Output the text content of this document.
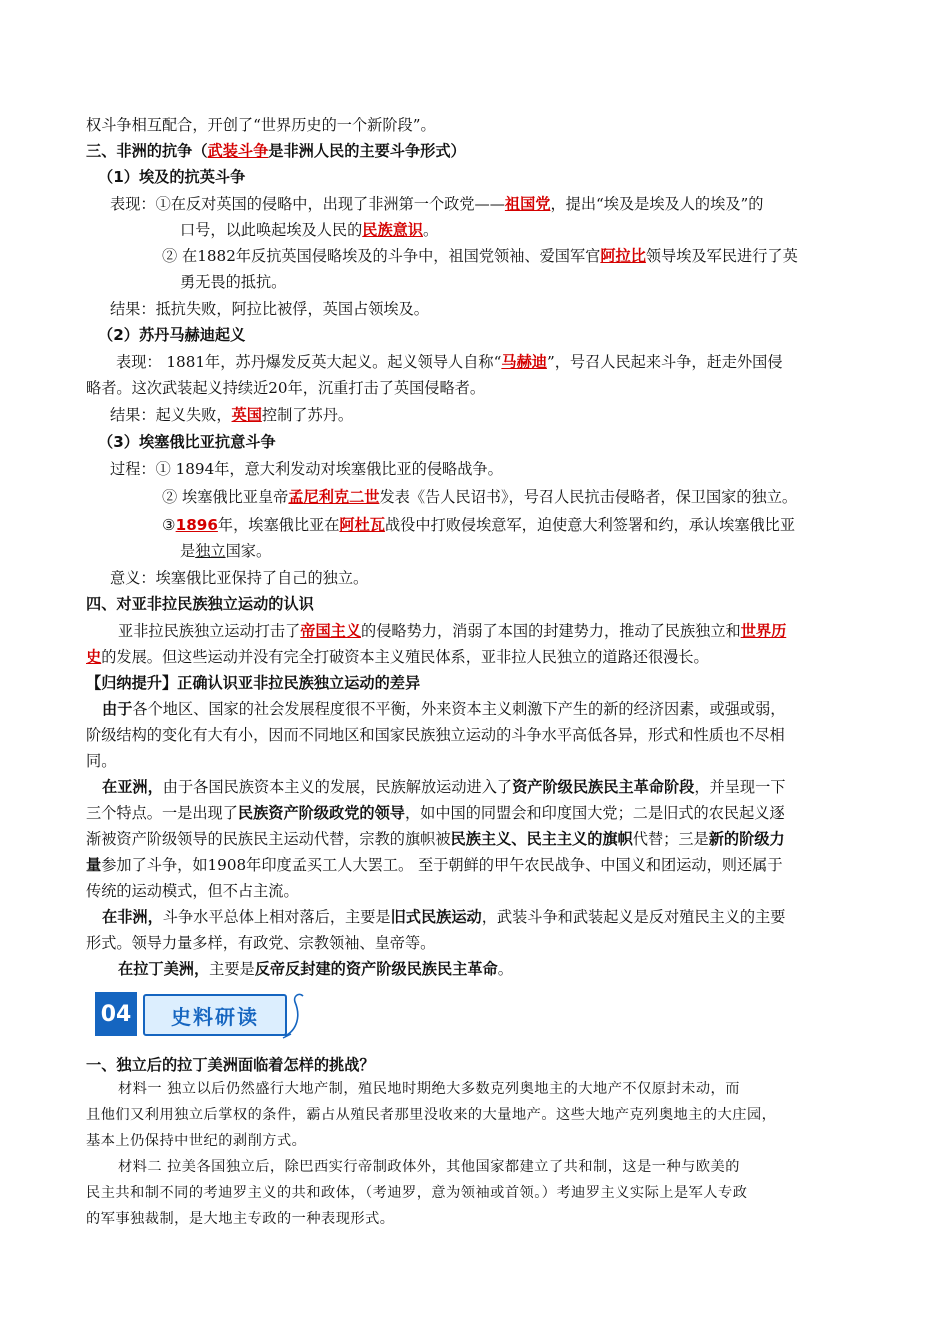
权斗争相互配合，开创了“世界历史的一个新阶段”。
三、非洲的抗争（武装斗争是非洲人民的主要斗争形式）
（1）埃及的抗英斗争
表现：①在反对英国的侵略中，出现了非洲第一个政党——祖国党，提出“埃及是埃及人的埃及”的
口号，以此唤起埃及人民的民族意识。
② 在1882年反抗英国侵略埃及的斗争中，祖国党领袖、爱国军官阿拉比领导埃及军民进行了英
勇无畏的抵抗。
结果：抵抗失败，阿拉比被俘，英国占领埃及。
（2）苏丹马赫迪起义
表现： 1881年，苏丹爆发反英大起义。起义领导人自称“马赫迪”，号召人民起来斗争，赶走外国侵
略者。这次武装起义持续近20年，沉重打击了英国侵略者。
结果：起义失败，英国控制了苏丹。
（3）埃塞俄比亚抗意斗争
过程：① 1894年，意大利发动对埃塞俄比亚的侵略战争。
② 埃塞俄比亚皇帝孟尼利克二世发表《告人民诏书》，号召人民抗击侵略者，保卫国家的独立。
③1896年，埃塞俄比亚在阿杜瓦战役中打败侵埃意军，迫使意大利签署和约，承认埃塞俄比亚
是独立国家。
意义：埃塞俄比亚保持了自己的独立。
四、对亚非拉民族独立运动的认识
亚非拉民族独立运动打击了帝国主义的侵略势力，消弱了本国的封建势力，推动了民族独立和世界历
史的发展。但这些运动并没有完全打破资本主义殖民体系，亚非拉人民独立的道路还很漫长。
【归纳提升】正确认识亚非拉民族独立运动的差异
由于各个地区、国家的社会发展程度很不平衡，外来资本主义刺激下产生的新的经济因素，或强或弱，
阶级结构的变化有大有小，因而不同地区和国家民族独立运动的斗争水平高低各异，形式和性质也不尽相
同。
在亚洲，由于各国民族资本主义的发展，民族解放运动进入了资产阶级民族民主革命阶段，并呈现一下
三个特点。一是出现了民族资产阶级政党的领导，如中国的同盟会和印度国大党；二是旧式的农民起义逐
渐被资产阶级领导的民族民主运动代替，宗教的旗帜被民族主义、民主主义的旗帜代替；三是新的阶级力
量参加了斗争，如1908年印度孟买工人大罢工。 至于朝鲜的甲午农民战争、中国义和团运动，则还属于
传统的运动模式，但不占主流。
在非洲，斗争水平总体上相对落后，主要是旧式民族运动，武装斗争和武装起义是反对殖民主义的主要
形式。领导力量多样，有政党、宗教领袖、皇帝等。
在拉丁美洲，主要是反帝反封建的资产阶级民族民主革命。
04	史料研读
一、独立后的拉丁美洲面临着怎样的挑战？
材料一 独立以后仍然盛行大地产制，殖民地时期绝大多数克列奥地主的大地产不仅原封未动，而
且他们又利用独立后掌权的条件，霸占从殖民者那里没收来的大量地产。这些大地产克列奥地主的大庄园，
基本上仍保持中世纪的剥削方式。
材料二 拉美各国独立后，除巴西实行帝制政体外，其他国家都建立了共和制，这是一种与欧美的
民主共和制不同的考迪罗主义的共和政体，（考迪罗，意为领袖或首领。）考迪罗主义实际上是军人专政
的军事独裁制，是大地主专政的一种表现形式。
